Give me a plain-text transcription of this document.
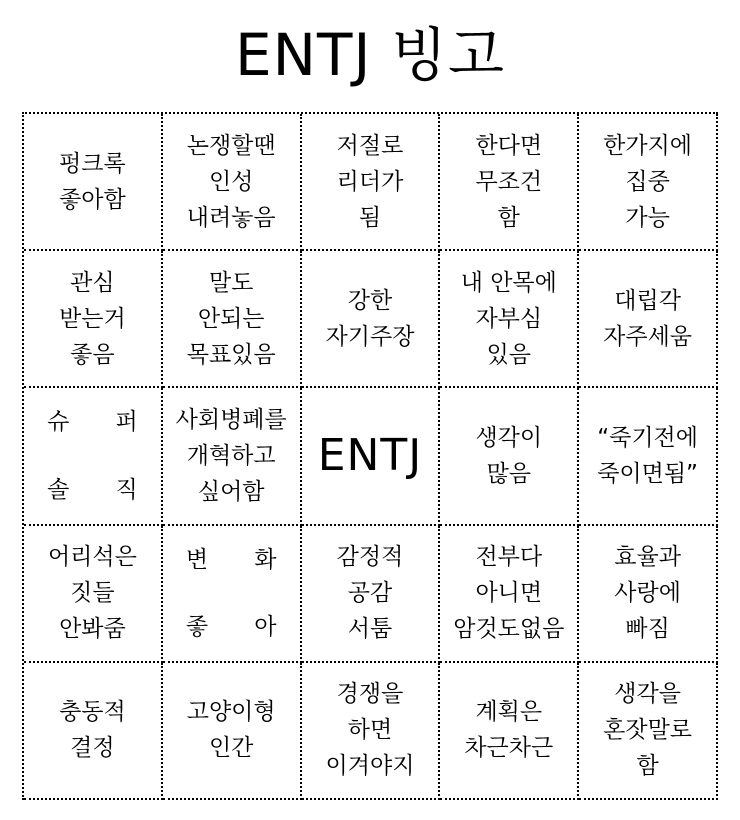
ENTJ 빙고
펑크록
좋아함
논쟁할땐
인성
내려놓음
저절로
리더가
됨
한다면
무조건
함
한가지에
집중
가능
관심
받는거
좋음
말도
안되는
목표있음
강한
자기주장
내 안목에
자부심
있음
대립각
자주세움
슈 퍼
솔 직
사회병폐를
개혁하고
싶어함
ENTJ 생각이
많음
“죽기전에
죽이면됨”
어리석은
짓들
안봐줌
변 화
좋 아
감정적
공감
서툼
전부다
아니면
암것도없음
효율과
사랑에
빠짐
충동적
결정
고양이형
인간
경쟁을
하면
이겨야지
계획은
차근차근
생각을
혼잣말로
함
